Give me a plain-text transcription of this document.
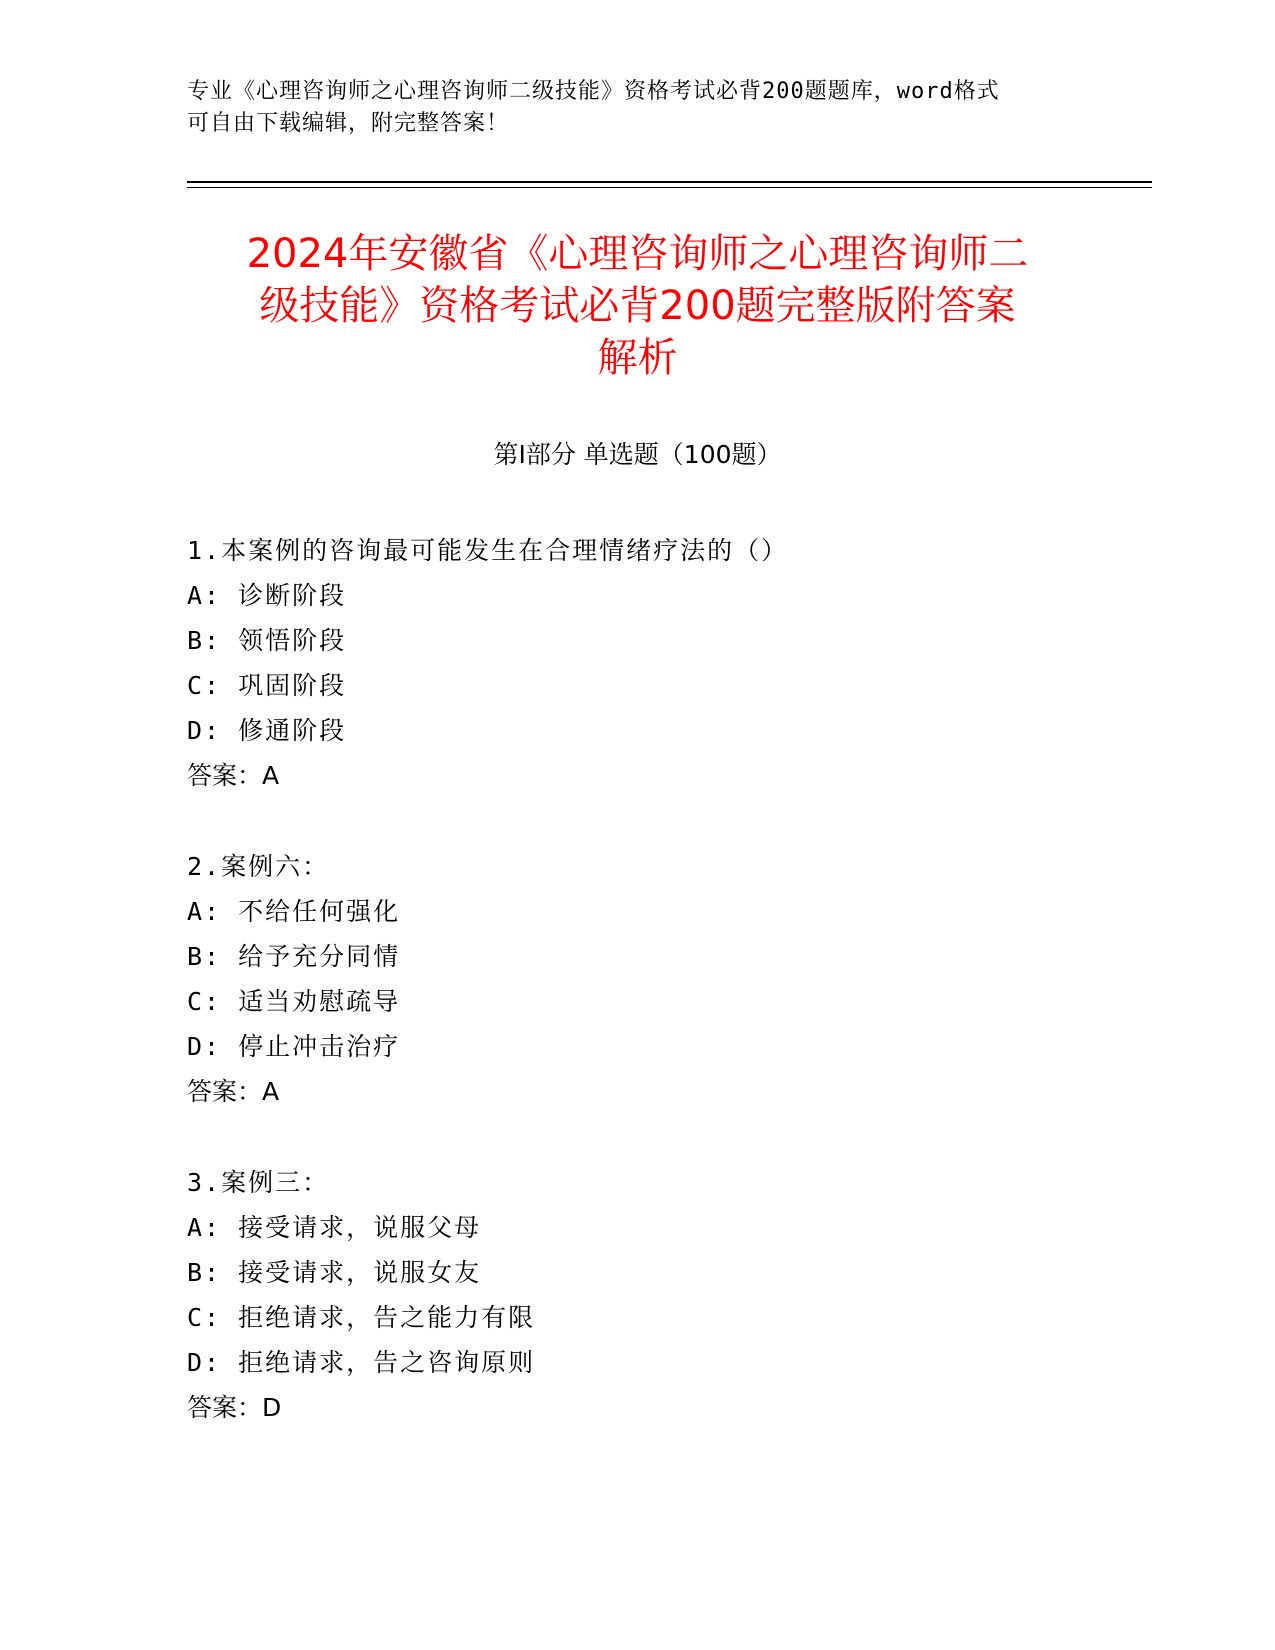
专业《心理咨询师之心理咨询师二级技能》资格考试必背200题题库，word格式
可自由下载编辑，附完整答案！
2024年安徽省《心理咨询师之心理咨询师二
级技能》资格考试必背200题完整版附答案
解析
第Ⅰ部分 单选题（100题）
1.本案例的咨询最可能发生在合理情绪疗法的（）
A: 诊断阶段
B: 领悟阶段
C: 巩固阶段
D: 修通阶段
答案：A
2.案例六：
A: 不给任何强化
B: 给予充分同情
C: 适当劝慰疏导
D: 停止冲击治疗
答案：A
3.案例三：
A: 接受请求，说服父母
B: 接受请求，说服女友
C: 拒绝请求，告之能力有限
D: 拒绝请求，告之咨询原则
答案：D
